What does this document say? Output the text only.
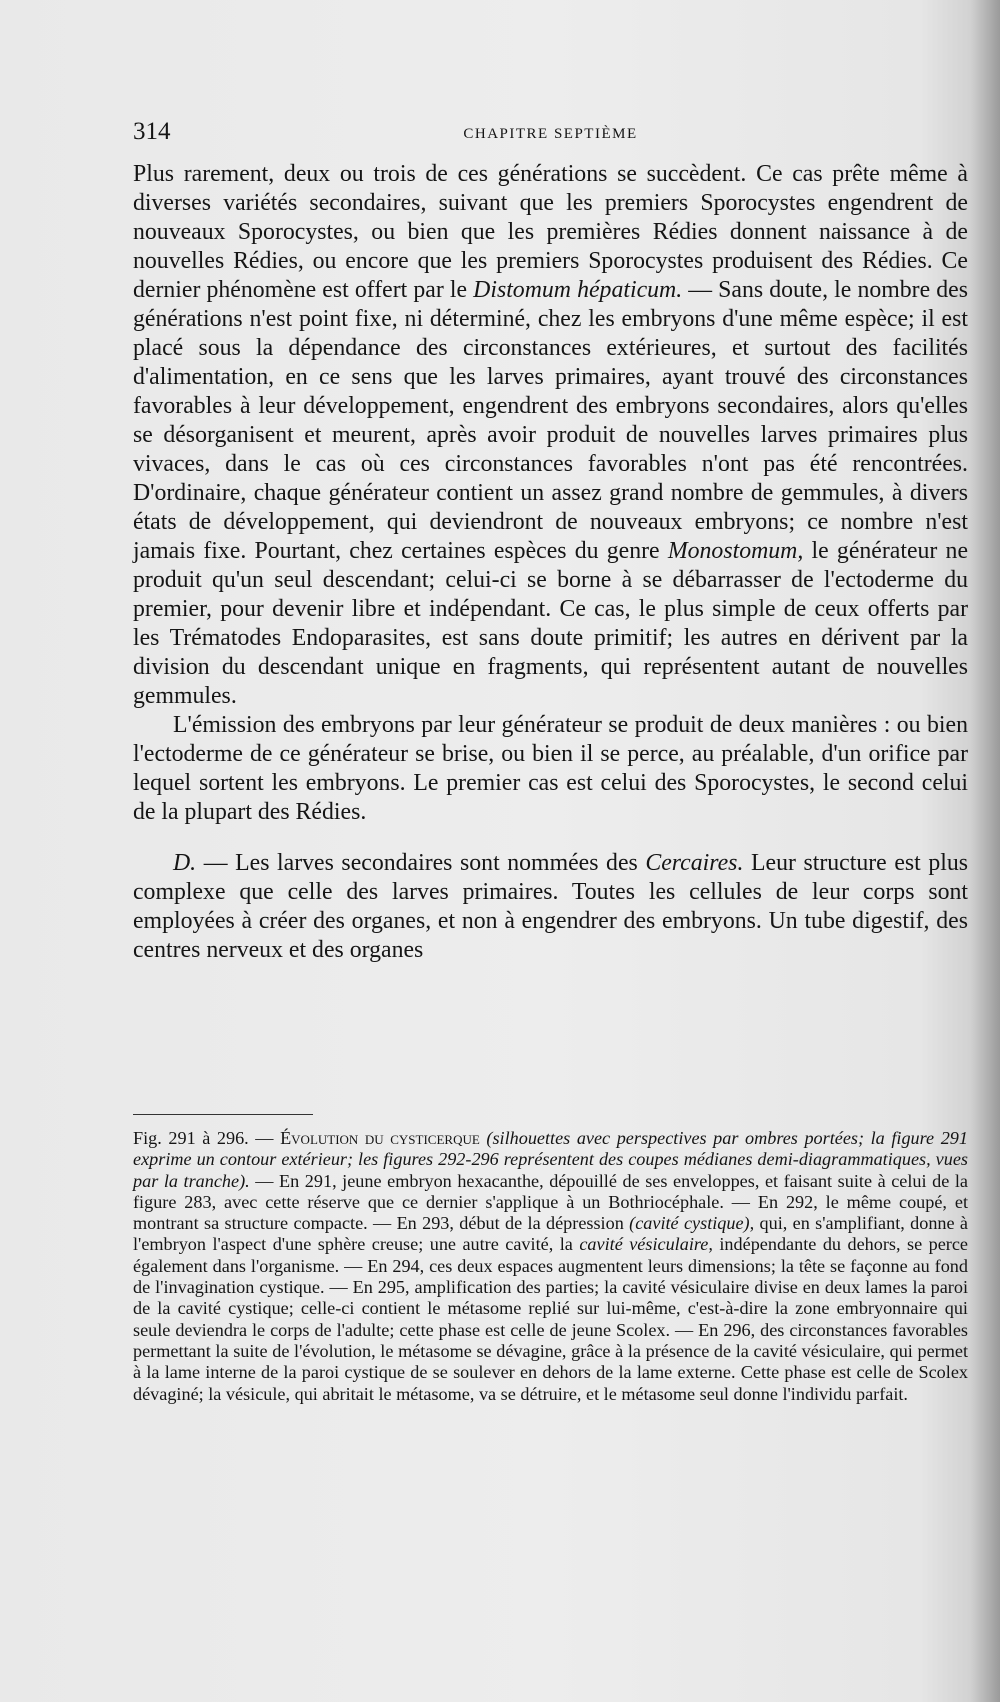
314	CHAPITRE SEPTIÈME

Plus rarement, deux ou trois de ces générations se succèdent. Ce cas prête même à diverses variétés secondaires, suivant que les premiers Sporocystes engendrent de nouveaux Sporocystes, ou bien que les premières Rédies donnent naissance à de nouvelles Rédies, ou encore que les premiers Sporocystes produisent des Rédies. Ce dernier phénomène est offert par le Distomum hépaticum. — Sans doute, le nombre des générations n'est point fixe, ni déterminé, chez les embryons d'une même espèce; il est placé sous la dépendance des circonstances extérieures, et surtout des facilités d'alimentation, en ce sens que les larves primaires, ayant trouvé des circonstances favorables à leur développement, engendrent des embryons secondaires, alors qu'elles se désorganisent et meurent, après avoir produit de nouvelles larves primaires plus vivaces, dans le cas où ces circonstances favorables n'ont pas été rencontrées. D'ordinaire, chaque générateur contient un assez grand nombre de gemmules, à divers états de développement, qui deviendront de nouveaux embryons; ce nombre n'est jamais fixe. Pourtant, chez certaines espèces du genre Monostomum, le générateur ne produit qu'un seul descendant; celui-ci se borne à se débarrasser de l'ectoderme du premier, pour devenir libre et indépendant. Ce cas, le plus simple de ceux offerts par les Trématodes Endoparasites, est sans doute primitif; les autres en dérivent par la division du descendant unique en fragments, qui représentent autant de nouvelles gemmules.

L'émission des embryons par leur générateur se produit de deux manières : ou bien l'ectoderme de ce générateur se brise, ou bien il se perce, au préalable, d'un orifice par lequel sortent les embryons. Le premier cas est celui des Sporocystes, le second celui de la plupart des Rédies.

D. — Les larves secondaires sont nommées des Cercaires. Leur structure est plus complexe que celle des larves primaires. Toutes les cellules de leur corps sont employées à créer des organes, et non à engendrer des embryons. Un tube digestif, des centres nerveux et des organes

Fig. 291 à 296. — Évolution du cysticerque (silhouettes avec perspectives par ombres portées; la figure 291 exprime un contour extérieur; les figures 292-296 représentent des coupes médianes demi-diagrammatiques, vues par la tranche). — En 291, jeune embryon hexacanthe, dépouillé de ses enveloppes, et faisant suite à celui de la figure 283, avec cette réserve que ce dernier s'applique à un Bothriocéphale. — En 292, le même coupé, et montrant sa structure compacte. — En 293, début de la dépression (cavité cystique), qui, en s'amplifiant, donne à l'embryon l'aspect d'une sphère creuse; une autre cavité, la cavité vésiculaire, indépendante du dehors, se perce également dans l'organisme. — En 294, ces deux espaces augmentent leurs dimensions; la tête se façonne au fond de l'invagination cystique. — En 295, amplification des parties; la cavité vésiculaire divise en deux lames la paroi de la cavité cystique; celle-ci contient le métasome replié sur lui-même, c'est-à-dire la zone embryonnaire qui seule deviendra le corps de l'adulte; cette phase est celle de jeune Scolex. — En 296, des circonstances favorables permettant la suite de l'évolution, le métasome se dévagine, grâce à la présence de la cavité vésiculaire, qui permet à la lame interne de la paroi cystique de se soulever en dehors de la lame externe. Cette phase est celle de Scolex dévaginé; la vésicule, qui abritait le métasome, va se détruire, et le métasome seul donne l'individu parfait.
